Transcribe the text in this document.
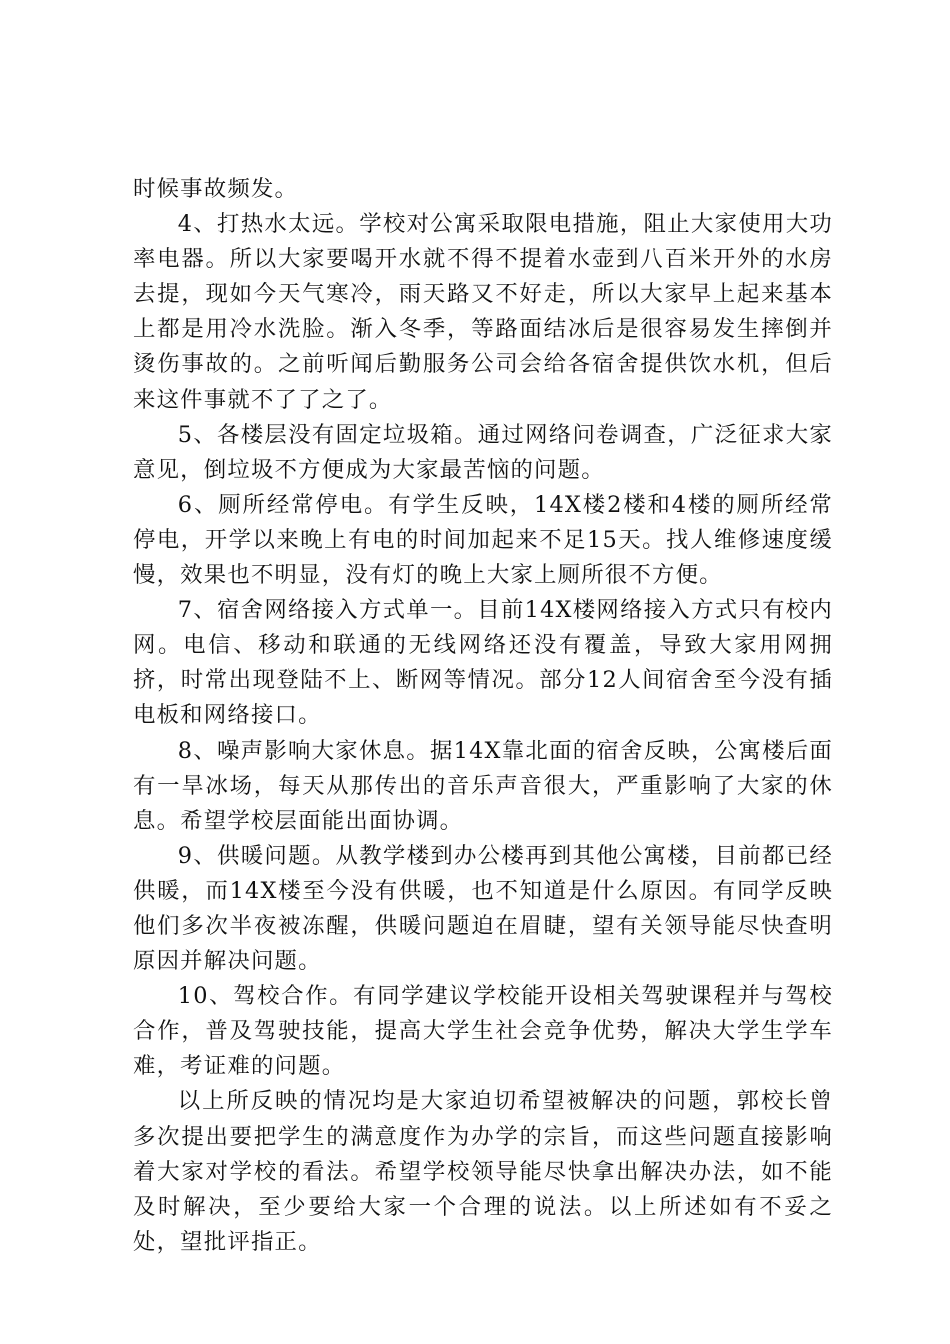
时候事故频发。

4、打热水太远。学校对公寓采取限电措施，阻止大家使用大功率电器。所以大家要喝开水就不得不提着水壶到八百米开外的水房去提，现如今天气寒冷，雨天路又不好走，所以大家早上起来基本上都是用冷水洗脸。渐入冬季，等路面结冰后是很容易发生摔倒并烫伤事故的。之前听闻后勤服务公司会给各宿舍提供饮水机，但后来这件事就不了了之了。

5、各楼层没有固定垃圾箱。通过网络问卷调查，广泛征求大家意见，倒垃圾不方便成为大家最苦恼的问题。

6、厕所经常停电。有学生反映，14X楼2楼和4楼的厕所经常停电，开学以来晚上有电的时间加起来不足15天。找人维修速度缓慢，效果也不明显，没有灯的晚上大家上厕所很不方便。

7、宿舍网络接入方式单一。目前14X楼网络接入方式只有校内网。电信、移动和联通的无线网络还没有覆盖，导致大家用网拥挤，时常出现登陆不上、断网等情况。部分12人间宿舍至今没有插电板和网络接口。

8、噪声影响大家休息。据14X靠北面的宿舍反映，公寓楼后面有一旱冰场，每天从那传出的音乐声音很大，严重影响了大家的休息。希望学校层面能出面协调。

9、供暖问题。从教学楼到办公楼再到其他公寓楼，目前都已经供暖，而14X楼至今没有供暖，也不知道是什么原因。有同学反映他们多次半夜被冻醒，供暖问题迫在眉睫，望有关领导能尽快查明原因并解决问题。

10、驾校合作。有同学建议学校能开设相关驾驶课程并与驾校合作，普及驾驶技能，提高大学生社会竞争优势，解决大学生学车难，考证难的问题。

以上所反映的情况均是大家迫切希望被解决的问题，郭校长曾多次提出要把学生的满意度作为办学的宗旨，而这些问题直接影响着大家对学校的看法。希望学校领导能尽快拿出解决办法，如不能及时解决，至少要给大家一个合理的说法。以上所述如有不妥之处，望批评指正。
